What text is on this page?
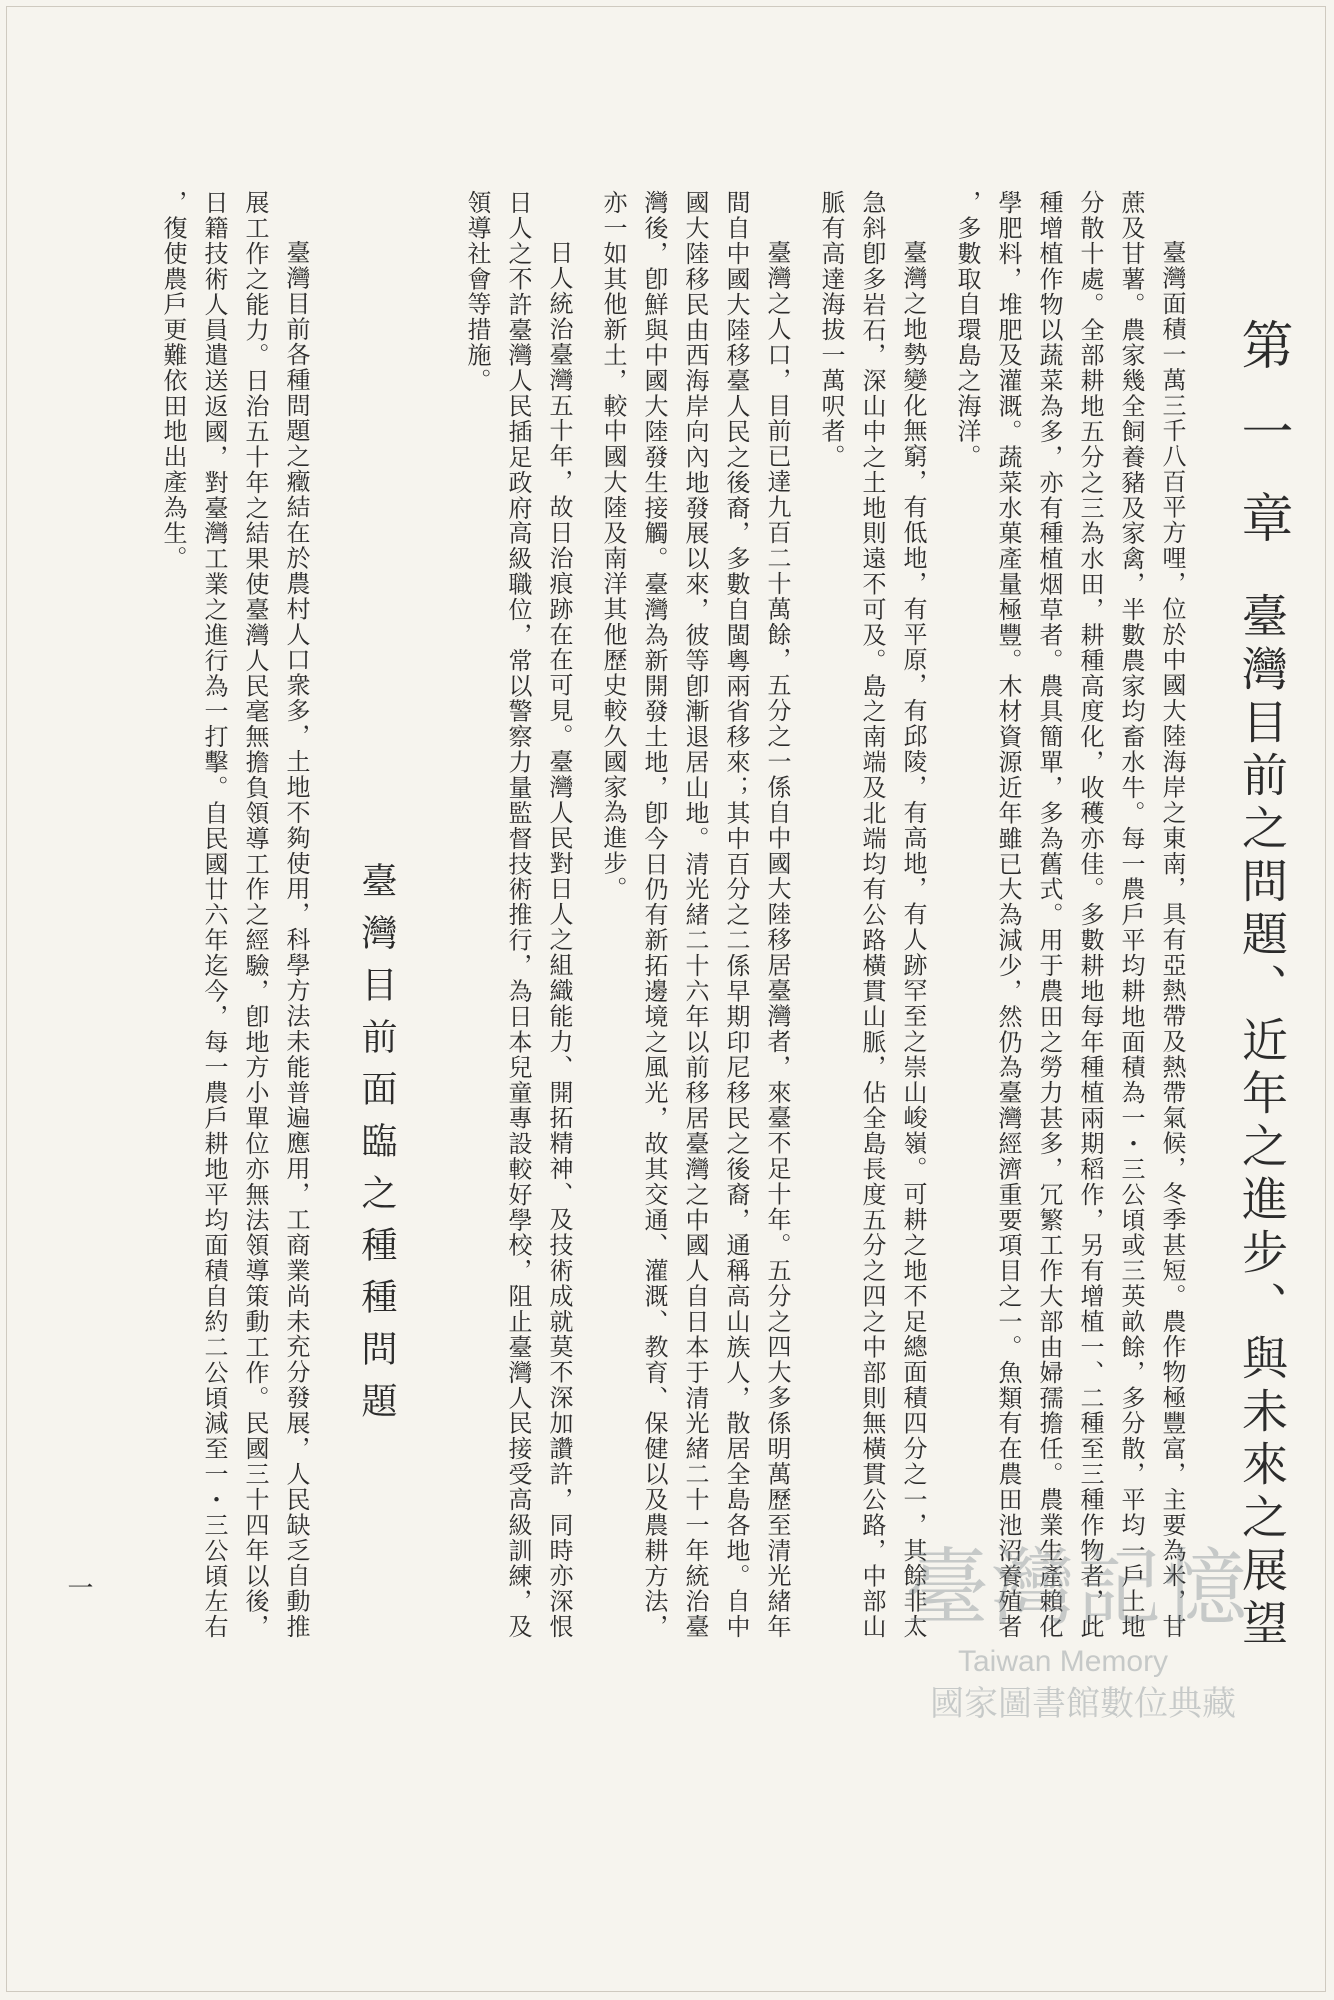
第一章
臺灣目前之問題、近年之進步、與未來之展望
臺灣面積一萬三千八百平方哩，位於中國大陸海岸之東南，具有亞熱帶及熱帶氣候，冬季甚短。農作物極豐富，主要為米，甘
蔗及甘薯。農家幾全飼養豬及家禽，半數農家均畜水牛。每一農戶平均耕地面積為一・三公頃或三英畝餘，多分散，平均一戶土地
分散十處。全部耕地五分之三為水田，耕種高度化，收穫亦佳。多數耕地每年種植兩期稻作，另有增植一、二種至三種作物者，此
種增植作物以蔬菜為多，亦有種植烟草者。農具簡單，多為舊式。用于農田之勞力甚多，冗繁工作大部由婦孺擔任。農業生產賴化
學肥料，堆肥及灌溉。蔬菜水菓產量極豐。木材資源近年雖已大為減少，然仍為臺灣經濟重要項目之一。魚類有在農田池沼養殖者
，多數取自環島之海洋。
臺灣之地勢變化無窮，有低地，有平原，有邱陵，有高地，有人跡罕至之崇山峻嶺。可耕之地不足總面積四分之一，其餘非太
急斜卽多岩石，深山中之土地則遠不可及。島之南端及北端均有公路橫貫山脈，佔全島長度五分之四之中部則無橫貫公路，中部山
脈有高達海拔一萬呎者。
臺灣之人口，目前已達九百二十萬餘，五分之一係自中國大陸移居臺灣者，來臺不足十年。五分之四大多係明萬歷至清光緒年
間自中國大陸移臺人民之後裔，多數自閩粵兩省移來；其中百分之二係早期印尼移民之後裔，通稱高山族人，散居全島各地。自中
國大陸移民由西海岸向內地發展以來，彼等卽漸退居山地。清光緒二十六年以前移居臺灣之中國人自日本于清光緒二十一年統治臺
灣後，卽鮮與中國大陸發生接觸。臺灣為新開發土地，卽今日仍有新拓邊境之風光，故其交通、灌溉、教育、保健以及農耕方法，
亦一如其他新土，較中國大陸及南洋其他歷史較久國家為進步。
日人統治臺灣五十年，故日治痕跡在在可見。臺灣人民對日人之組織能力、開拓精神、及技術成就莫不深加讚許，同時亦深恨
日人之不許臺灣人民插足政府高級職位，常以警察力量監督技術推行，為日本兒童專設較好學校，阻止臺灣人民接受高級訓練，及
領導社會等措施。
臺灣目前面臨之種種問題
臺灣目前各種問題之癥結在於農村人口衆多，土地不夠使用，科學方法未能普遍應用，工商業尚未充分發展，人民缺乏自動推
展工作之能力。日治五十年之結果使臺灣人民毫無擔負領導工作之經驗，卽地方小單位亦無法領導策動工作。民國三十四年以後，
日籍技術人員遣送返國，對臺灣工業之進行為一打擊。自民國廿六年迄今，每一農戶耕地平均面積自約二公頃減至一・三公頃左右
，復使農戶更難依田地出產為生。
一	臺灣記憶
Taiwan Memory
國家圖書館數位典藏
